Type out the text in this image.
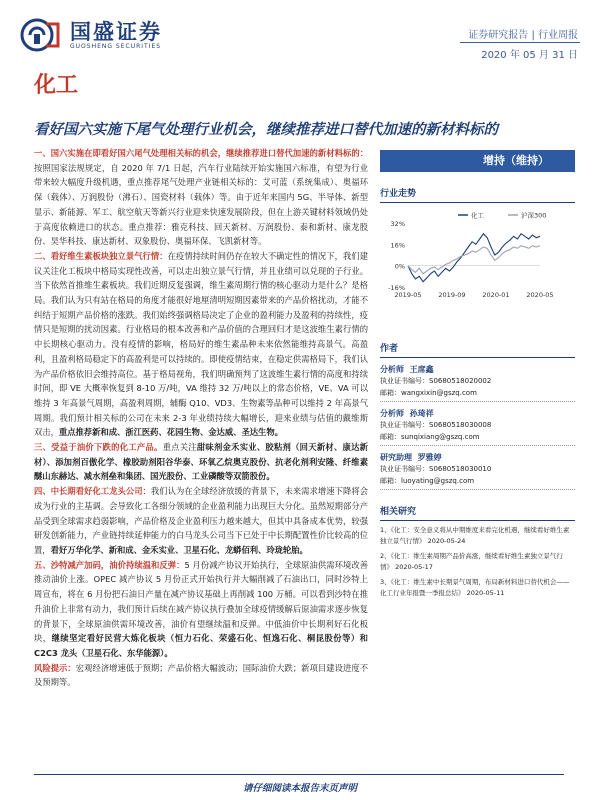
国盛证券
GUOSHENG SECURITIES
证券研究报告 | 行业周报
2020 年 05 月 31 日
化工
看好国六实施下尾气处理行业机会，继续推荐进口替代加速的新材料标的

一、国六实施在即看好国六尾气处理相关标的机会，继续推荐进口替代加速的新材料标的：按照国家法规规定，自 2020 年 7/1 日起，汽车行业陆续开始实施国六标准，有望为行业带来较大幅度升级机遇，重点推荐尾气处理产业链相关标的：艾可蓝（系统集成）、奥福环保（载体）、万润股份（沸石）、国瓷材料（载体）等。由于近年来国内 5G、半导体、新型显示、新能源、军工、航空航天等新兴行业迎来快速发展阶段，但在上游关键材料领域仍处于高度依赖进口的状态。重点推荐：雅克科技、回天新材、万润股份、泰和新材、康龙股份、昊华科技、康达新材、双象股份、奥福环保、飞凯新材等。

二、看好维生素板块独立景气行情：在疫情持续时间仍存在较大不确定性的情况下，我们建议关注化工板块中格局实现性改善，可以走出独立景气行情，并且业绩可以兑现的子行业。当下依然首推维生素板块。我们近期反复强调，维生素周期行情的核心驱动力是什么？是格局。我们认为只有站在格局的角度才能很好地厘清明短期因素带来的产品价格扰动，才能不纠结于短期产品价格的涨跌。我们始终强调格局决定了企业的盈利能力及盈利的持续性，疫情只是短期的扰动因素。行业格局的根本改善和产品价值的合理回归才是这波维生素行情的中长期核心驱动力。没有疫情的影响，格局好的维生素品种未来依然能维持高景气。高盈利，且盈利格局稳定下的高盈利是可以持续的。即使疫情结束，在稳定供需格局下，我们认为产品价格依旧会维持高位。基于格局视角，我们明确预判了这波维生素行情的高度和持续时间，即 VE 大概率恢复到 8-10 万/吨，VA 维持 32 万/吨以上的常态价格，VE、VA 可以维持 3 年高景气周期，高盈利周期，辅酶 Q10、VD3、生物素等品种可以维持 2 年高景气周期。我们预计相关标的公司在未来 2-3 年业绩持续大幅增长，迎来业绩与估值的戴维斯双击，重点推荐新和成、浙江医药、花园生物、金达威、圣达生物。

三、受益于油价下跌的化工产品。重点关注甜味剂金禾实业、胶粘剂（回天新材、康达新材）、添加剂百傲化学、橡胶助剂阳谷华泰、环氧乙烷奥克股份、抗老化剂利安隆、纤维素醚山东赫达、减水剂垒和集团、国光股份、工业磷酸等双箭股份。

四、中长期看好化工龙头公司：我们认为在全球经济放缓的背景下，未来需求增速下降将会成为行业的主基调。会导致化工各细分领域的企业盈利能力出现巨大分化。虽然短期部分产品受到全球需求趋弱影响，产品价格及企业盈利压力越来越大，但其中具备成本优势，较强研发创新能力，产业链持续延伸能力的白马龙头公司当下已处于中长期配置性价比较高的位置，看好万华化学、新和成、金禾实业、卫星石化、龙蟒佰利、玲珑轮胎。

五、沙特减产加码，油价持续温和反弹：5 月份减产协议开始执行，全球原油供需环境改善推动油价上涨。OPEC 减产协议 5 月份正式开始执行并大幅削减了石油出口，同时沙特上周宣布，将在 6 月份把石油日产量在减产协议基础上再削减 100 万桶。可以看到沙特在推升油价上非常有动力，我们预计后续在减产协议执行叠加全球疫情缓解后原油需求逐步恢复的背景下，全球原油供需环境改善，油价有望继续温和反弹。中低油价中长期利好石化板块，继续坚定看好民营大炼化板块（恒力石化、荣盛石化、恒逸石化、桐昆股份等）和 C2C3 龙头（卫星石化、东华能源）。

风险提示：宏观经济增速低于预期；产品价格大幅波动；国际油价大跌；新项目建设进度不及预期等。

增持（维持）
行业走势
32%
16%
0%
-16%
2019-05	2019-09	2020-01	2020-05
化工	沪深300
作者
分析师 王席鑫
执业证书编号：S0680518020002
邮箱：wangxixin@gszq.com
分析师 孙琦祥
执业证书编号：S0680518030008
邮箱：sunqixiang@gszq.com
研究助理 罗雅婷
执业证书编号：S0680518030010
邮箱：luoyating@gszq.com
相关研究
1、《化工：安全意义将从中期维度来看完化机遇，继续看好维生素独立景气行情》 2020-05-24
2、《化工：维生素周期产品价高涨，继续看好维生素独立景气行情》 2020-05-17
3、《化工：维生素中长期景气周期，布局新材料进口替代机会——化工行业年报暨一季报总结》 2020-05-11
请仔细阅读本报告末页声明
